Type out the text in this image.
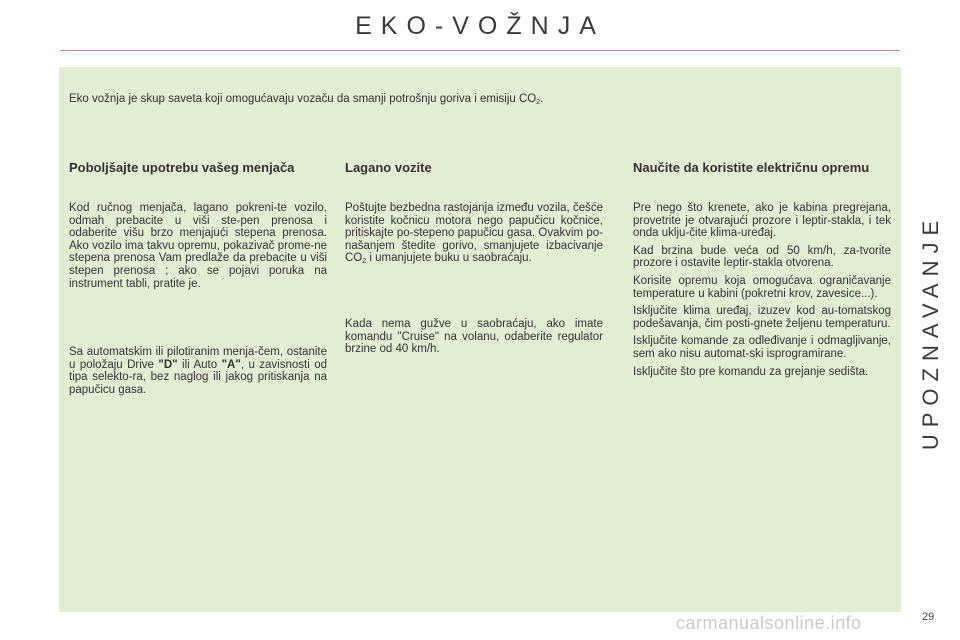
EKO-VOŽNJA

Eko vožnja je skup saveta koji omogućavaju vozaču da smanji potrošnju goriva i emisiju $CO_2$.

Poboljšajte upotrebu vašeg menjača

Kod ručnog menjača, lagano pokreni-te vozilo, odmah prebacite u viši ste-pen prenosa i odaberite višu brzo menjajući stepena prenosa. Ako vozilo ima takvu opremu, pokazivač prome-ne stepena prenosa Vam predlaže da prebacite u viši stepen prenosa ; ako se pojavi poruka na instrument tabli, pratite je.

Sa automatskim ili pilotiranim menja-čem, ostanite u položaju Drive "D" ili Auto "A", u zavisnosti od tipa selekto-ra, bez naglog ili jakog pritiskanja na papučicu gasa.

Lagano vozite

Poštujte bezbedna rastojanja između vozila, češće koristite kočnicu motora nego papučicu kočnice, pritiskajte po-stepeno papučicu gasa. Ovakvim po-našanjem štedite gorivo, smanjujete izbacivanje $CO_2$ i umanjujete buku u saobraćaju.

Kada nema gužve u saobraćaju, ako imate komandu "Cruise" na volanu, odaberite regulator brzine od 40 km/h.

Naučite da koristite električnu opremu

Pre nego što krenete, ako je kabina pregrejana, provetrite je otvarajući prozore i leptir-stakla, i tek onda uklju-čite klima-uređaj.

Kad brzina bude veća od 50 km/h, za-tvorite prozore i ostavite leptir-stakla otvorena.

Korisite opremu koja omogućava ograničavanje temperature u kabini (pokretni krov, zavesice...).

Isključite klima uređaj, izuzev kod au-tomatskog podešavanja, čim posti-gnete željenu temperaturu.

Isključite komande za odleđivanje i odmagljivanje, sem ako nisu automat-ski isprogramirane.

Isključite što pre komandu za grejanje sedišta.	UPOZNAVANJE
carmanualsonline.info	29
